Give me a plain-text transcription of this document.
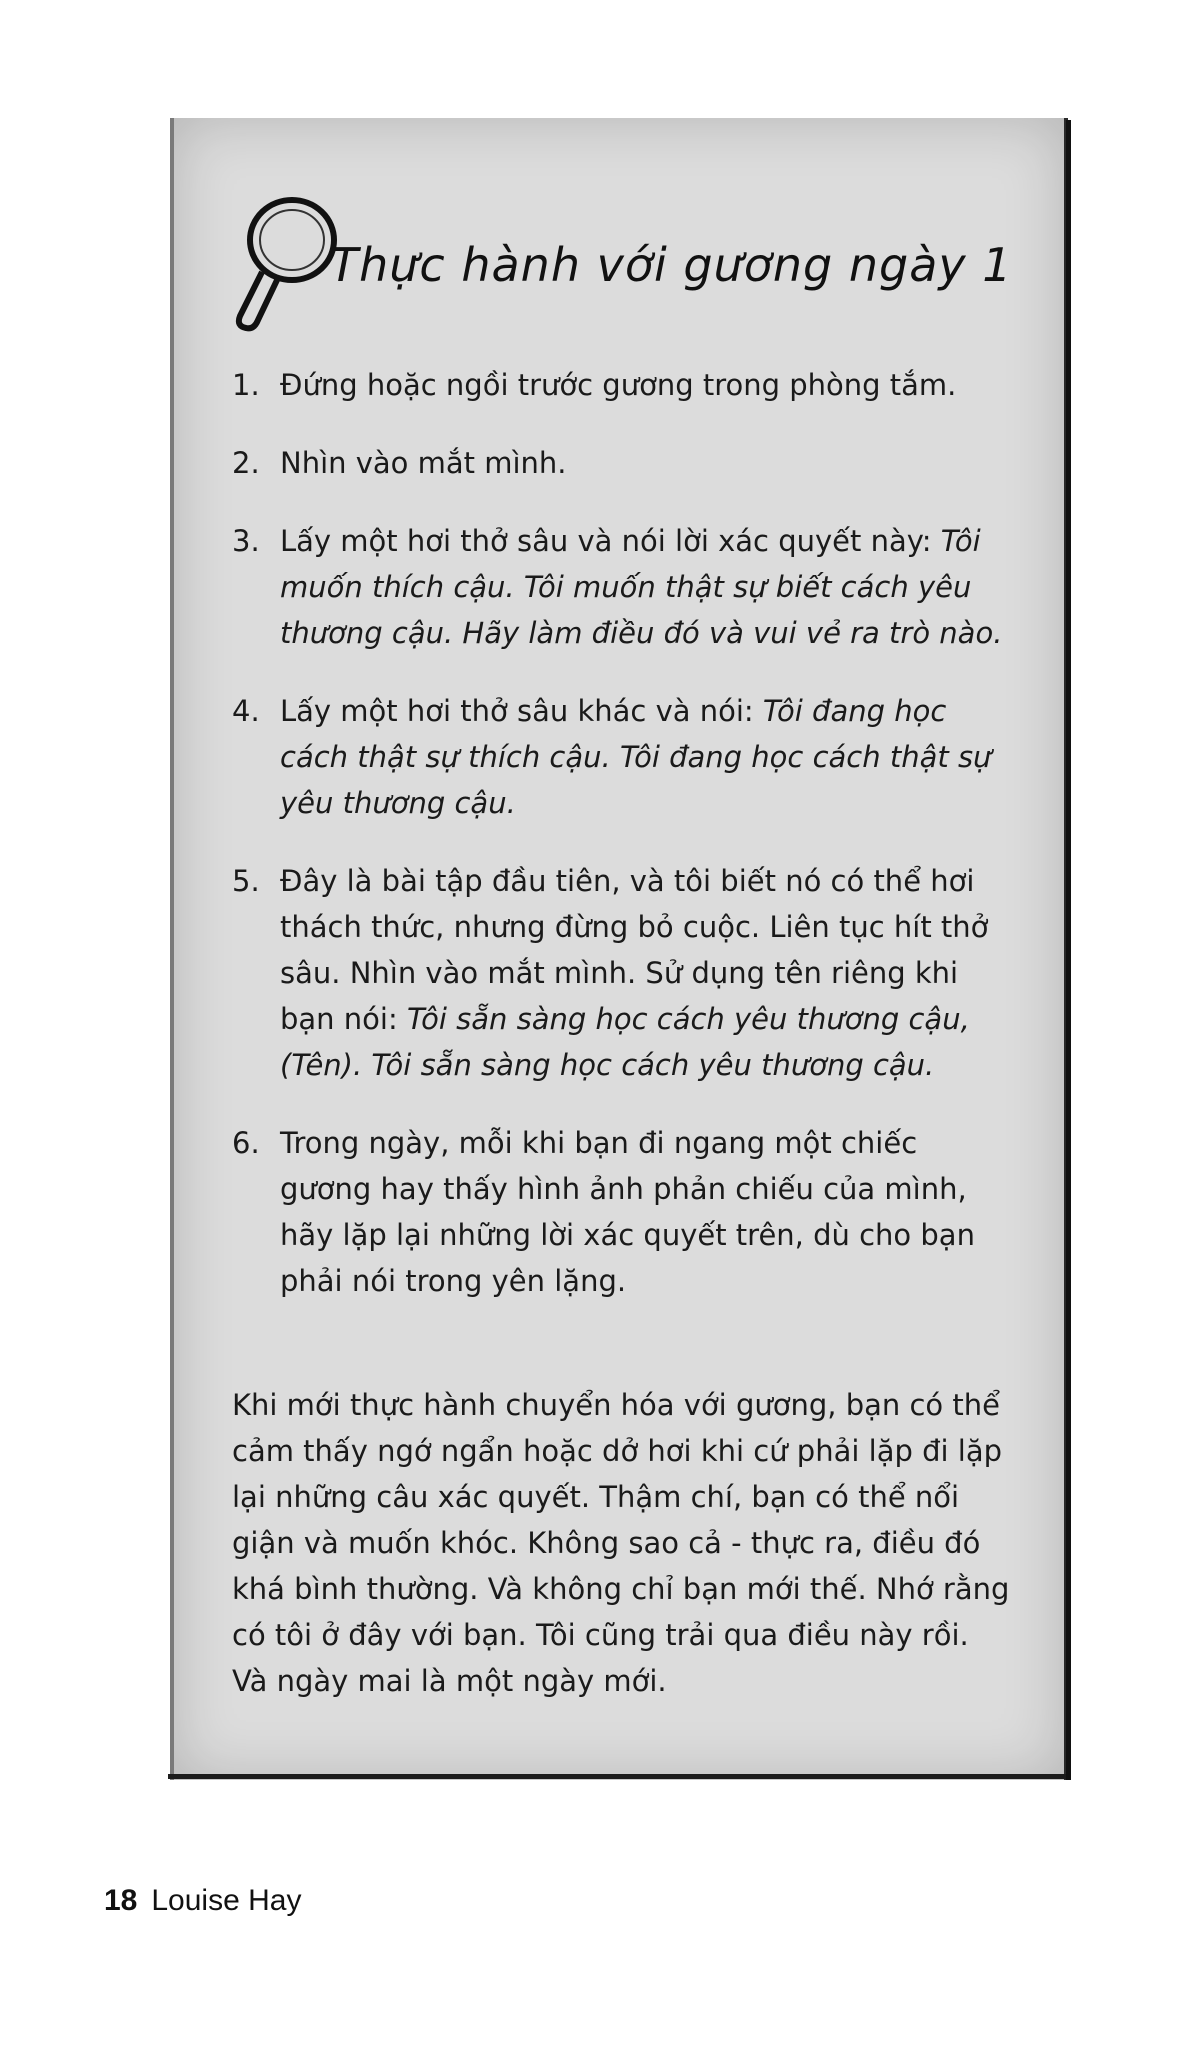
Thực hành với gương ngày 1
1. Đứng hoặc ngồi trước gương trong phòng tắm.
2. Nhìn vào mắt mình.
3. Lấy một hơi thở sâu và nói lời xác quyết này: Tôi muốn thích cậu. Tôi muốn thật sự biết cách yêu thương cậu. Hãy làm điều đó và vui vẻ ra trò nào.
4. Lấy một hơi thở sâu khác và nói: Tôi đang học cách thật sự thích cậu. Tôi đang học cách thật sự yêu thương cậu.
5. Đây là bài tập đầu tiên, và tôi biết nó có thể hơi thách thức, nhưng đừng bỏ cuộc. Liên tục hít thở sâu. Nhìn vào mắt mình. Sử dụng tên riêng khi bạn nói: Tôi sẵn sàng học cách yêu thương cậu, (Tên). Tôi sẵn sàng học cách yêu thương cậu.
6. Trong ngày, mỗi khi bạn đi ngang một chiếc gương hay thấy hình ảnh phản chiếu của mình, hãy lặp lại những lời xác quyết trên, dù cho bạn phải nói trong yên lặng.

Khi mới thực hành chuyển hóa với gương, bạn có thể cảm thấy ngớ ngẩn hoặc dở hơi khi cứ phải lặp đi lặp lại những câu xác quyết. Thậm chí, bạn có thể nổi giận và muốn khóc. Không sao cả - thực ra, điều đó khá bình thường. Và không chỉ bạn mới thế. Nhớ rằng có tôi ở đây với bạn. Tôi cũng trải qua điều này rồi. Và ngày mai là một ngày mới.

18 Louise Hay
